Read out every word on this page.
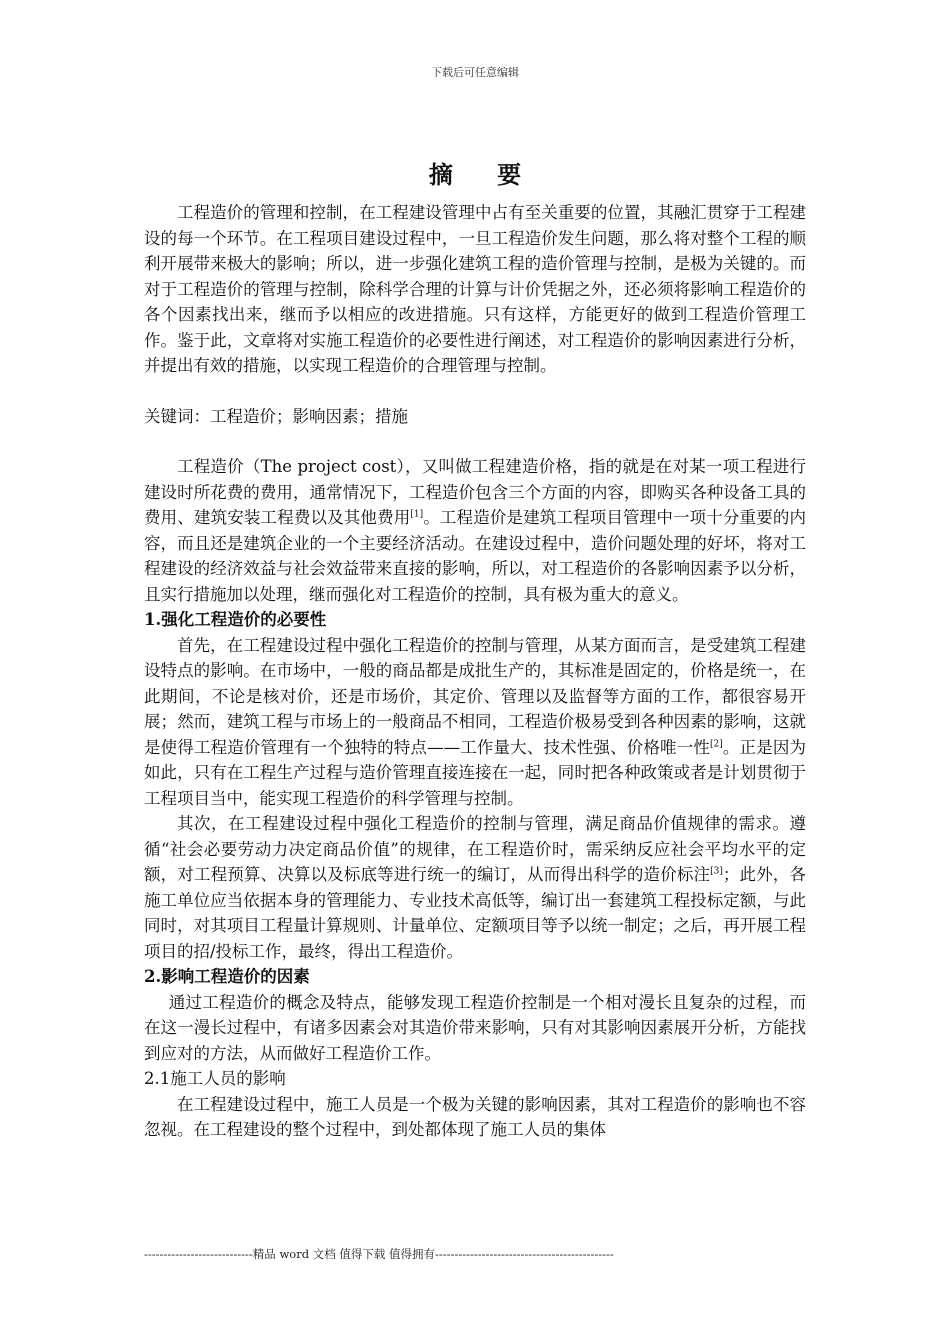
下载后可任意编辑
摘 要

工程造价的管理和控制，在工程建设管理中占有至关重要的位置，其融汇贯穿于工程建设的每一个环节。在工程项目建设过程中，一旦工程造价发生问题，那么将对整个工程的顺利开展带来极大的影响；所以，进一步强化建筑工程的造价管理与控制，是极为关键的。而对于工程造价的管理与控制，除科学合理的计算与计价凭据之外，还必须将影响工程造价的各个因素找出来，继而予以相应的改进措施。只有这样，方能更好的做到工程造价管理工作。鉴于此，文章将对实施工程造价的必要性进行阐述，对工程造价的影响因素进行分析，并提出有效的措施，以实现工程造价的合理管理与控制。

关键词：工程造价；影响因素；措施

工程造价（The project cost），又叫做工程建造价格，指的就是在对某一项工程进行建设时所花费的费用，通常情况下，工程造价包含三个方面的内容，即购买各种设备工具的费用、建筑安装工程费以及其他费用[1]。工程造价是建筑工程项目管理中一项十分重要的内容，而且还是建筑企业的一个主要经济活动。在建设过程中，造价问题处理的好坏，将对工程建设的经济效益与社会效益带来直接的影响，所以，对工程造价的各影响因素予以分析，且实行措施加以处理，继而强化对工程造价的控制，具有极为重大的意义。

1.强化工程造价的必要性

首先，在工程建设过程中强化工程造价的控制与管理，从某方面而言，是受建筑工程建设特点的影响。在市场中，一般的商品都是成批生产的，其标准是固定的，价格是统一，在此期间，不论是核对价，还是市场价，其定价、管理以及监督等方面的工作，都很容易开展；然而，建筑工程与市场上的一般商品不相同，工程造价极易受到各种因素的影响，这就是使得工程造价管理有一个独特的特点——工作量大、技术性强、价格唯一性[2]。正是因为如此，只有在工程生产过程与造价管理直接连接在一起，同时把各种政策或者是计划贯彻于工程项目当中，能实现工程造价的科学管理与控制。

其次，在工程建设过程中强化工程造价的控制与管理，满足商品价值规律的需求。遵循“社会必要劳动力决定商品价值”的规律，在工程造价时，需采纳反应社会平均水平的定额，对工程预算、决算以及标底等进行统一的编订，从而得出科学的造价标注[3]；此外，各施工单位应当依据本身的管理能力、专业技术高低等，编订出一套建筑工程投标定额，与此同时，对其项目工程量计算规则、计量单位、定额项目等予以统一制定；之后，再开展工程项目的招/投标工作，最终，得出工程造价。

2.影响工程造价的因素

通过工程造价的概念及特点，能够发现工程造价控制是一个相对漫长且复杂的过程，而在这一漫长过程中，有诸多因素会对其造价带来影响，只有对其影响因素展开分析，方能找到应对的方法，从而做好工程造价工作。

2.1施工人员的影响

在工程建设过程中，施工人员是一个极为关键的影响因素，其对工程造价的影响也不容忽视。在工程建设的整个过程中，到处都体现了施工人员的集体

----------------------------精品 word 文档 值得下载 值得拥有----------------------------------------------
